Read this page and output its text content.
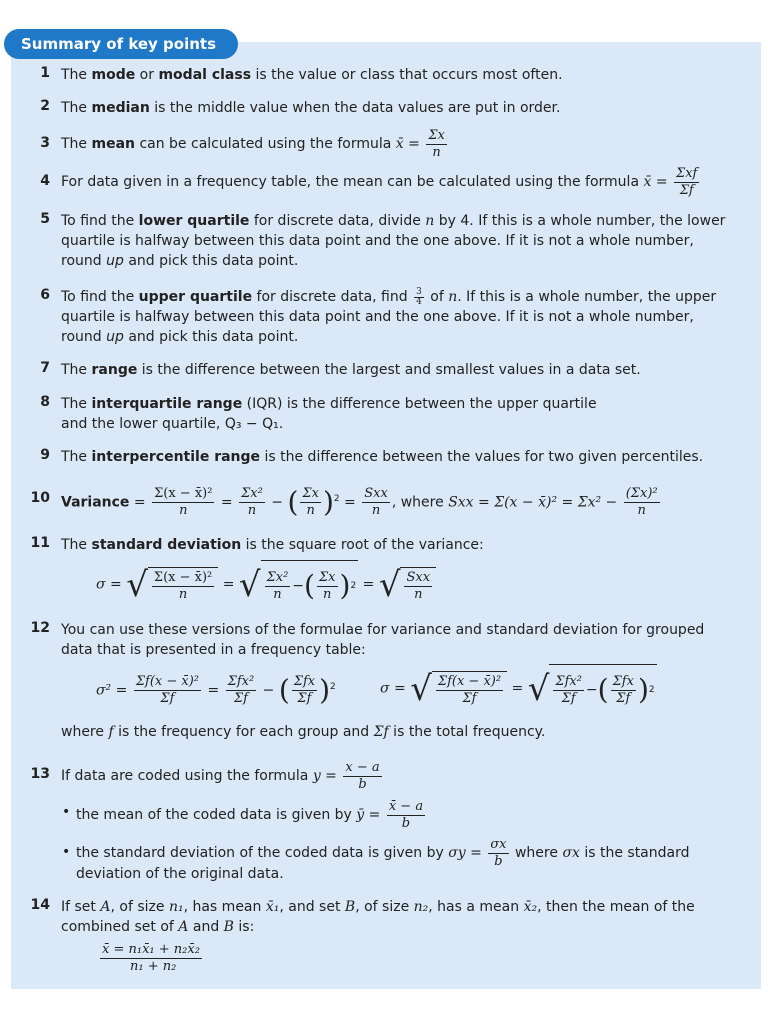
Summary of key points
1 The mode or modal class is the value or class that occurs most often.
2 The median is the middle value when the data values are put in order.
3 The mean can be calculated using the formula x̄ = $\frac{\Sigma x}{n}$
4 For data given in a frequency table, the mean can be calculated using the formula x̄ = $\frac{\text{Σxf}}{\Sigma f}$
5 To find the lower quartile for discrete data, divide n by 4. If this is a whole number, the lower
quartile is halfway between this data point and the one above. If it is not a whole number,
round up and pick this data point.
6 To find the upper quartile for discrete data, find $\frac{3}{4}$ of n. If this is a whole number, the upper
quartile is halfway between this data point and the one above. If it is not a whole number,
round up and pick this data point.
7 The range is the difference between the largest and smallest values in a data set.
8 The interquartile range (IQR) is the difference between the upper quartile
and the lower quartile, Q₃ − Q₁.
9 The interpercentile range is the difference between the values for two given percentiles.
10 Variance = $\frac{\text{Σ(x − x̄)²}}{n} = \frac{\text{Σx²}}{n}$ − ( $\frac{\Sigma x}{n} )^2 = \frac{\text{Sxx}}{n}$ , where Sxx = Σ(x − x̄)² = $\Sigma x^2 - \frac{\text{(Σx)²}}{n}$
11 The standard deviation is the square root of the variance:
σ = √ $\frac{\text{Σ(x − x̄)²}}{n}$ = √ $\frac{\text{Σx²}}{n}$ − ( $\frac{\Sigma x}{n}$ ) 2 = √ $\frac{\text{Sxx}}{n}$
12 You can use these versions of the formulae for variance and standard deviation for grouped
data that is presented in a frequency table:
$\sigma^2 = \frac{\text{Σf(x − x̄)²}}{\Sigma f} = \frac{\text{Σfx²}}{\Sigma f}$ − ( $\frac{\text{Σfx}}{\Sigma f} )^2$	σ = √ $\frac{\text{Σf(x − x̄)²}}{\Sigma f}$ = √ $\frac{\text{Σfx²}}{\Sigma f}$ − ( $\frac{\text{Σfx}}{\Sigma f}$ ) 2
where f is the frequency for each group and Σf is the total frequency.
13 If data are coded using the formula $y = \frac{x - a}{b}$
• the mean of the coded data is given by ȳ = $\frac{x̄ - a}{b}$
• the standard deviation of the coded data is given by $\sigma y = \frac{\sigma x}{b}$ where σx is the standard
deviation of the original data.
14 If set A, of size n₁, has mean x̄₁, and set B, of size n₂, has a mean x̄₂, then the mean of the
combined set of A and B is:
$\frac{\text{x̄ = n₁x̄₁ + n₂x̄₂}}{\text{n₁ + n₂}}$
